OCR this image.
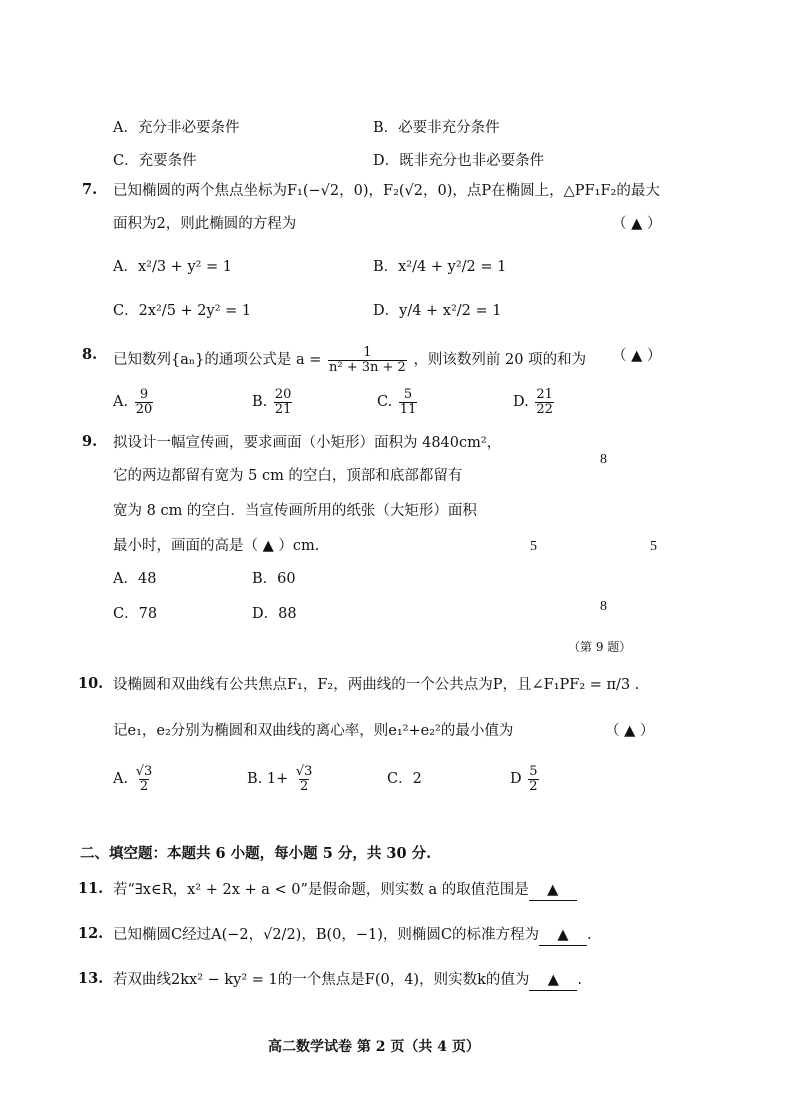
A．充分非必要条件	B．必要非充分条件
C．充要条件	D．既非充分也非必要条件
7. 已知椭圆的两个焦点坐标为F₁(−√2，0)，F₂(√2，0)，点P在椭圆上，△PF₁F₂的最大
面积为2，则此椭圆的方程为	（ ▲ ）
A．x²/3 + y² = 1	B．x²/4 + y²/2 = 1
C．2x²/5 + 2y² = 1	D．y/4 + x²/2 = 1
8. 已知数列{aₙ}的通项公式是 $a = \frac{1}{\text{n² + 3n + 2}}$ ，则该数列前 20 项的和为 （ ▲ ）
A. $\frac{9}{20}$	B. $\frac{20}{21}$	C. $\frac{5}{11}$	D. $\frac{21}{22}$
9. 拟设计一幅宣传画，要求画面（小矩形）面积为 4840cm²，
它的两边都留有宽为 5 cm 的空白，顶部和底部都留有
宽为 8 cm 的空白．当宣传画所用的纸张（大矩形）面积
最小时，画面的高是（ ▲ ）cm.
A．48	B．60
C．78	D．88
8
5	5
8
（第 9 题）
10. 设椭圆和双曲线有公共焦点F₁，F₂，两曲线的一个公共点为P，且∠F₁PF₂ = π/3 .
记e₁，e₂分别为椭圆和双曲线的离心率，则e₁²+e₂²的最小值为	（ ▲ ）
A. $\frac{√3}{2}$	B. $1+ \frac{√3}{2}$	C．2	D $\frac{5}{2}$
二、填空题：本题共 6 小题，每小题 5 分，共 30 分.
11. 若“∃x∈R，x² + 2x + a < 0”是假命题，则实数 a 的取值范围是 ▲
12. 已知椭圆C经过A(−2，√2/2)，B(0，−1)，则椭圆C的标准方程为 ▲ .
13. 若双曲线2kx² − ky² = 1的一个焦点是F(0，4)，则实数k的值为 ▲ .
高二数学试卷 第 2 页（共 4 页）
